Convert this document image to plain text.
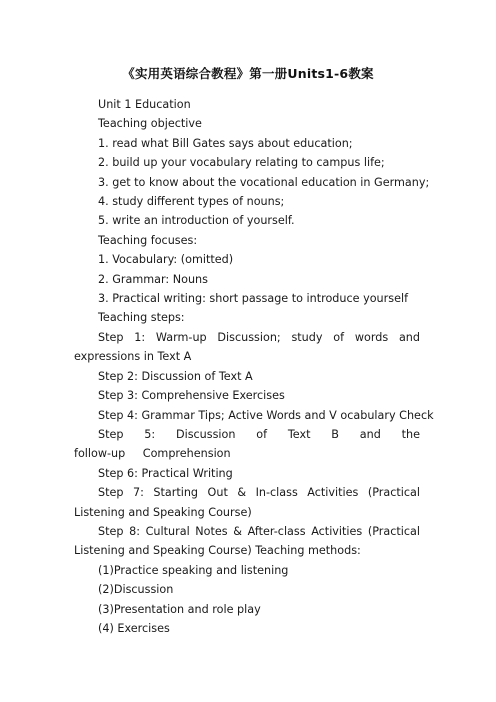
《实用英语综合教程》第一册Units1-6教案
Unit 1 Education
Teaching objective
1. read what Bill Gates says about education;
2. build up your vocabulary relating to campus life;
3. get to know about the vocational education in Germany;
4. study different types of nouns;
5. write an introduction of yourself.
Teaching focuses:
1. Vocabulary: (omitted)
2. Grammar: Nouns
3. Practical writing: short passage to introduce yourself
Teaching steps:

Step 1: Warm-up Discussion; study of words and expressions in Text A

Step 2: Discussion of Text A
Step 3: Comprehensive Exercises
Step 4: Grammar Tips; Active Words and V ocabulary Check

Step 5: Discussion of Text B and the follow-up Comprehension

Step 6: Practical Writing

Step 7: Starting Out & In-class Activities (Practical Listening and Speaking Course)

Step 8: Cultural Notes & After-class Activities (Practical Listening and Speaking Course) Teaching methods:

(1)Practice speaking and listening
(2)Discussion
(3)Presentation and role play
(4) Exercises
